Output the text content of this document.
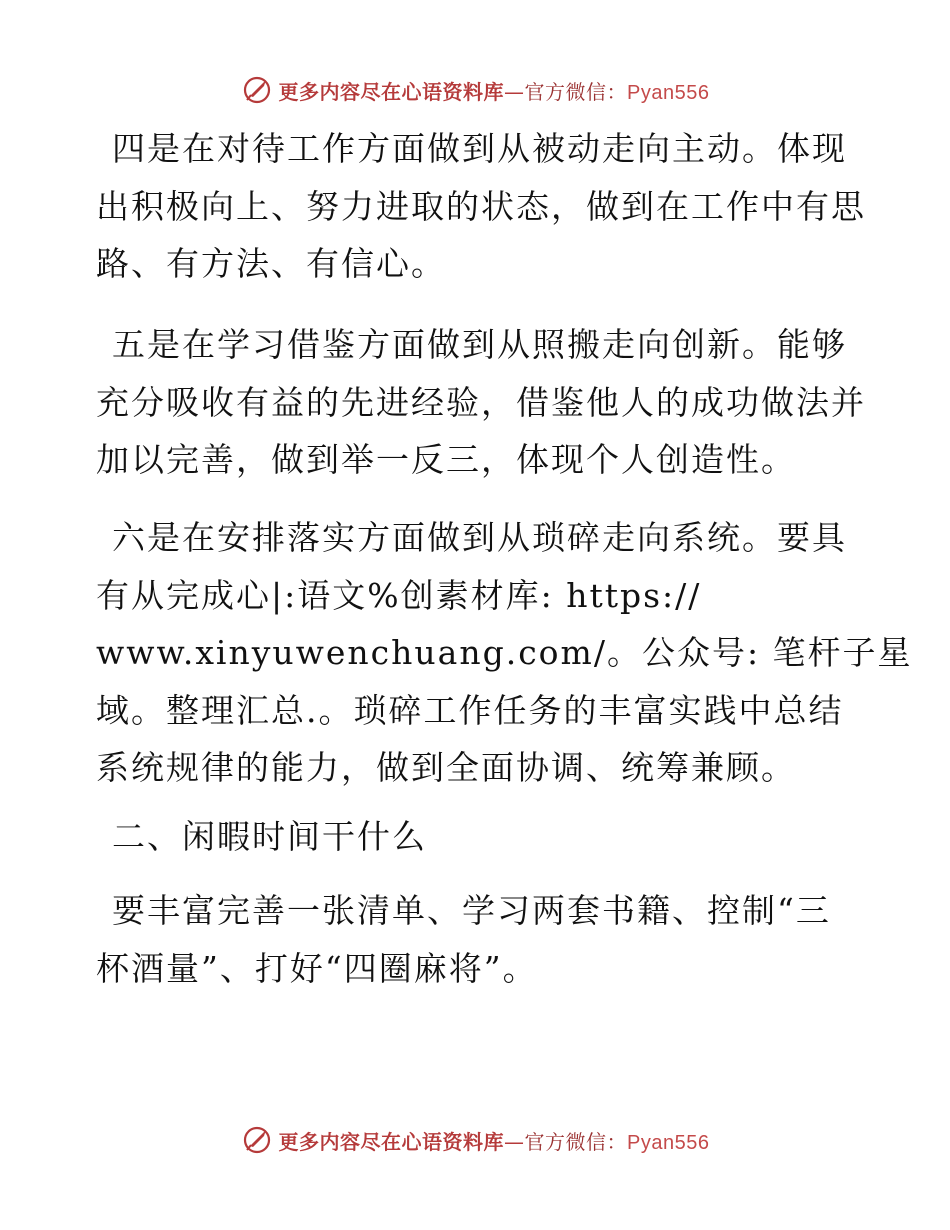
更多内容尽在心语资料库—官方微信：Pyan556
四是在对待工作方面做到从被动走向主动。体现
出积极向上、努力进取的状态，做到在工作中有思
路、有方法、有信心。
五是在学习借鉴方面做到从照搬走向创新。能够
充分吸收有益的先进经验，借鉴他人的成功做法并
加以完善，做到举一反三，体现个人创造性。
六是在安排落实方面做到从琐碎走向系统。要具
有从完成心|:语文%创素材库: https://
www.xinyuwenchuang.com/。公众号: 笔杆子星
域。整理汇总.。琐碎工作任务的丰富实践中总结
系统规律的能力，做到全面协调、统筹兼顾。
二、闲暇时间干什么
要丰富完善一张清单、学习两套书籍、控制“三
杯酒量”、打好“四圈麻将”。
更多内容尽在心语资料库—官方微信：Pyan556
